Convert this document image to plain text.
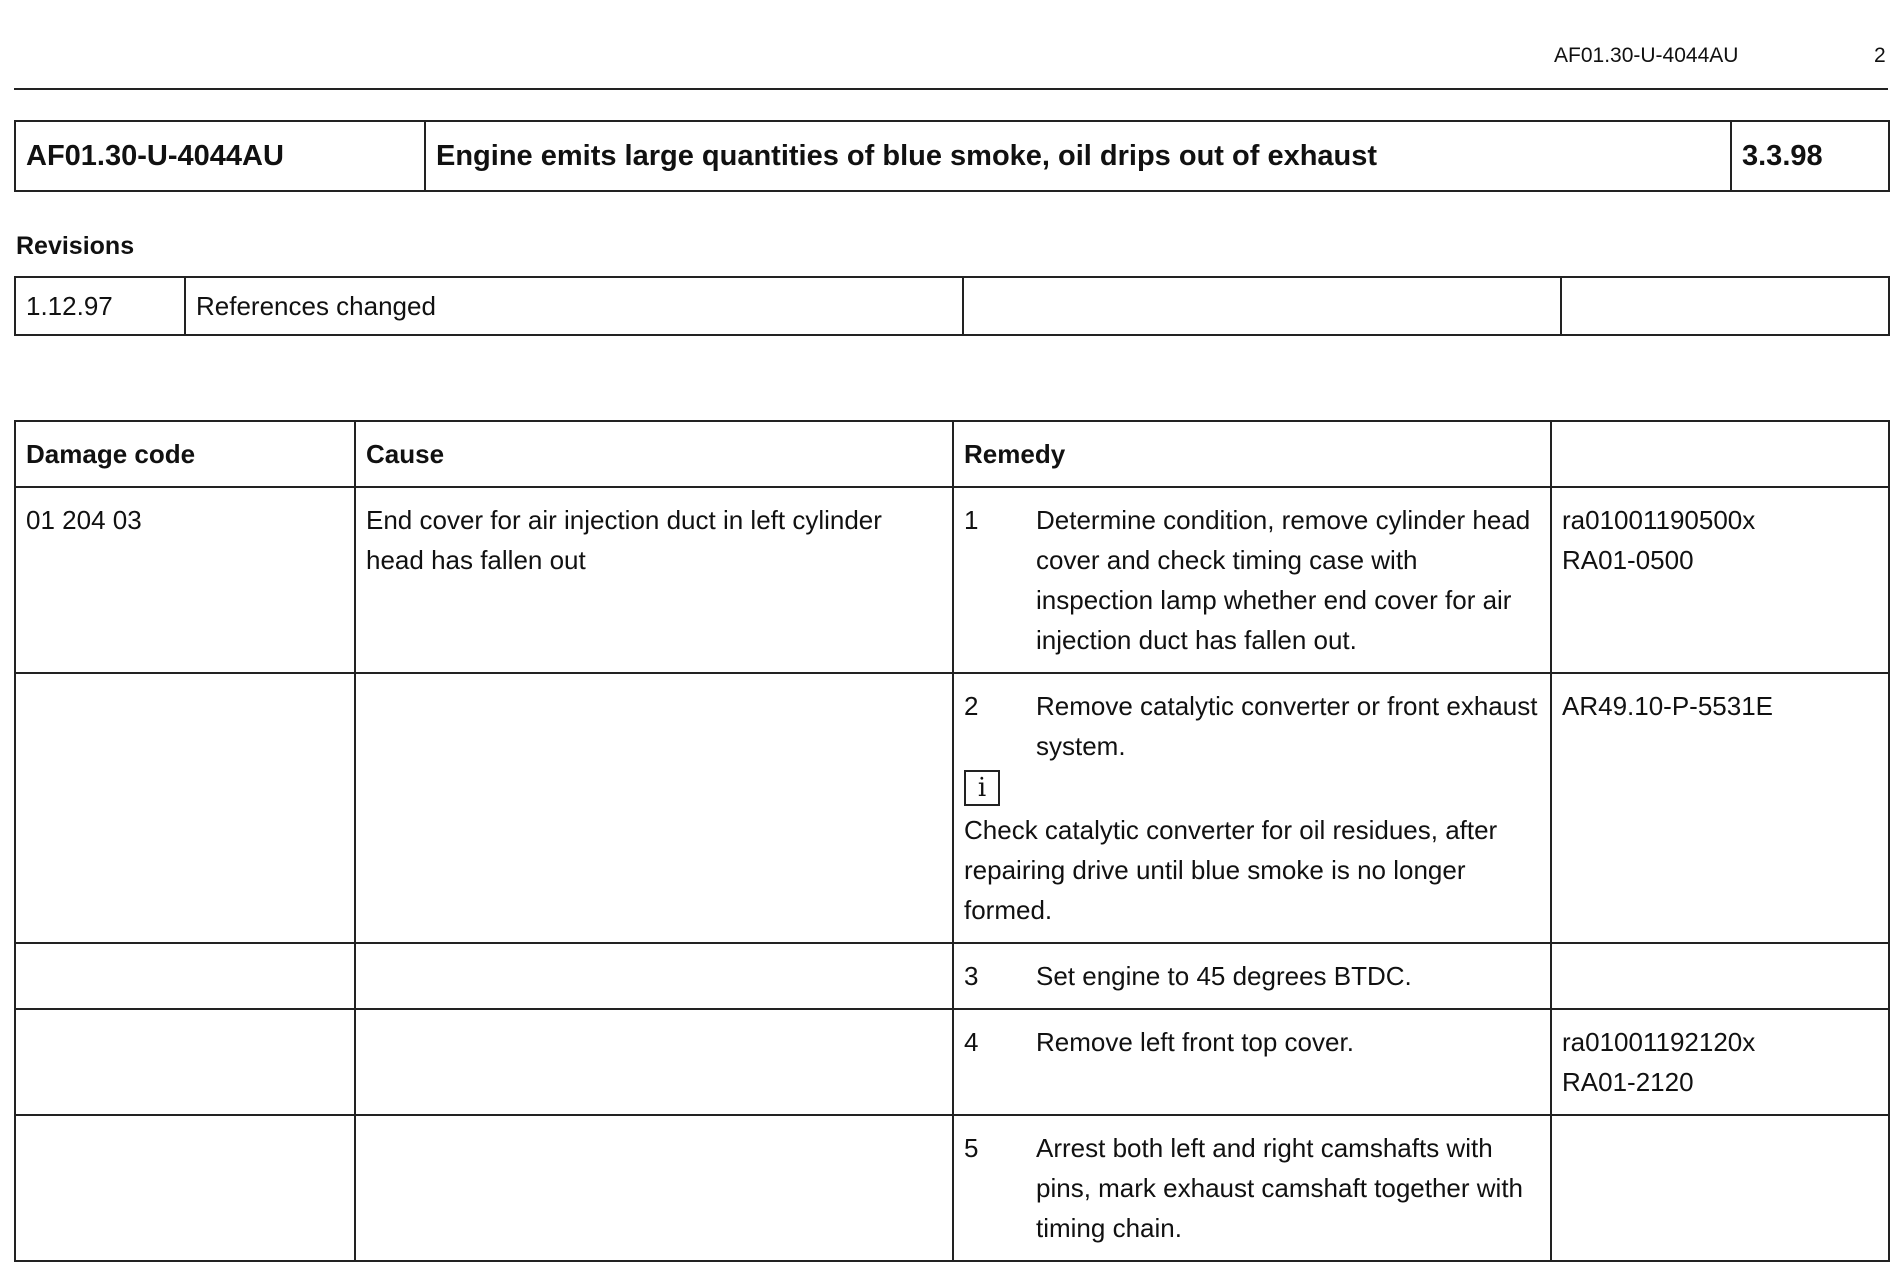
AF01.30-U-4044AU	2
AF01.30-U-4044AU	Engine emits large quantities of blue smoke, oil drips out of exhaust	3.3.98
Revisions
1.12.97	References changed		
Damage code	Cause	Remedy	
01 204 03	End cover for air injection duct in left cylinder head has fallen out	1 Determine condition, remove cylinder head cover and check timing case with inspection lamp whether end cover for air injection duct has fallen out.	ra01001190500x
RA01-0500

		2 Remove catalytic converter or front exhaust system.
i
Check catalytic converter for oil residues, after repairing drive until blue smoke is no longer formed.	AR49.10-P-5531E

		3 Set engine to 45 degrees BTDC.	

		4 Remove left front top cover.	ra01001192120x
RA01-2120

		5 Arrest both left and right camshafts with pins, mark exhaust camshaft together with timing chain.	
